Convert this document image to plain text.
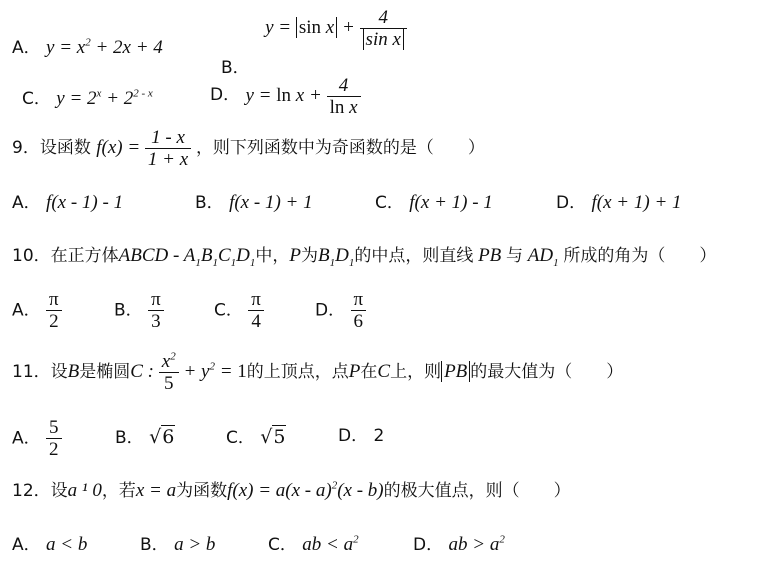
A． $y = x^2 + 2x + 4$
B． $y = \sin x + \frac{4}{\text{sin x}}$
C． $y = 2^x + 2^{2 - x}$	D． $y = \ln x + \frac{4}{\text{ln x}}$
9．设函数 $f(x) = \frac{1 - x}{1 + x}$ ，则下列函数中为奇函数的是（　　）
A． f(x - 1) - 1	B． f(x - 1) + 1	C． f(x + 1) - 1	D． f(x + 1) + 1
10．在正方体ABCD - $A_1B_1C_1D_1$中，P为$B_1D_1$的中点，则直线 PB 与 $AD_1$ 所成的角为（　　）
A． $\frac{\pi}{2}$	B． $\frac{\pi}{3}$	C． $\frac{\pi}{4}$	D． $\frac{\pi}{6}$
11．设B是椭圆C : $\frac{x^2}{5} + y^2 = 1$的上顶点，点P在C上，则 PB 的最大值为（　　）
A． $\frac{5}{2}$	B． √6	C． √5	D． 2
12．设a ¹ 0，若x = a为函数f(x) = a(x - a)$^2$(x - b)的极大值点，则（　　）
A． a < b	B． a > b	C． ab < $a^2$	D． ab > $a^2$
